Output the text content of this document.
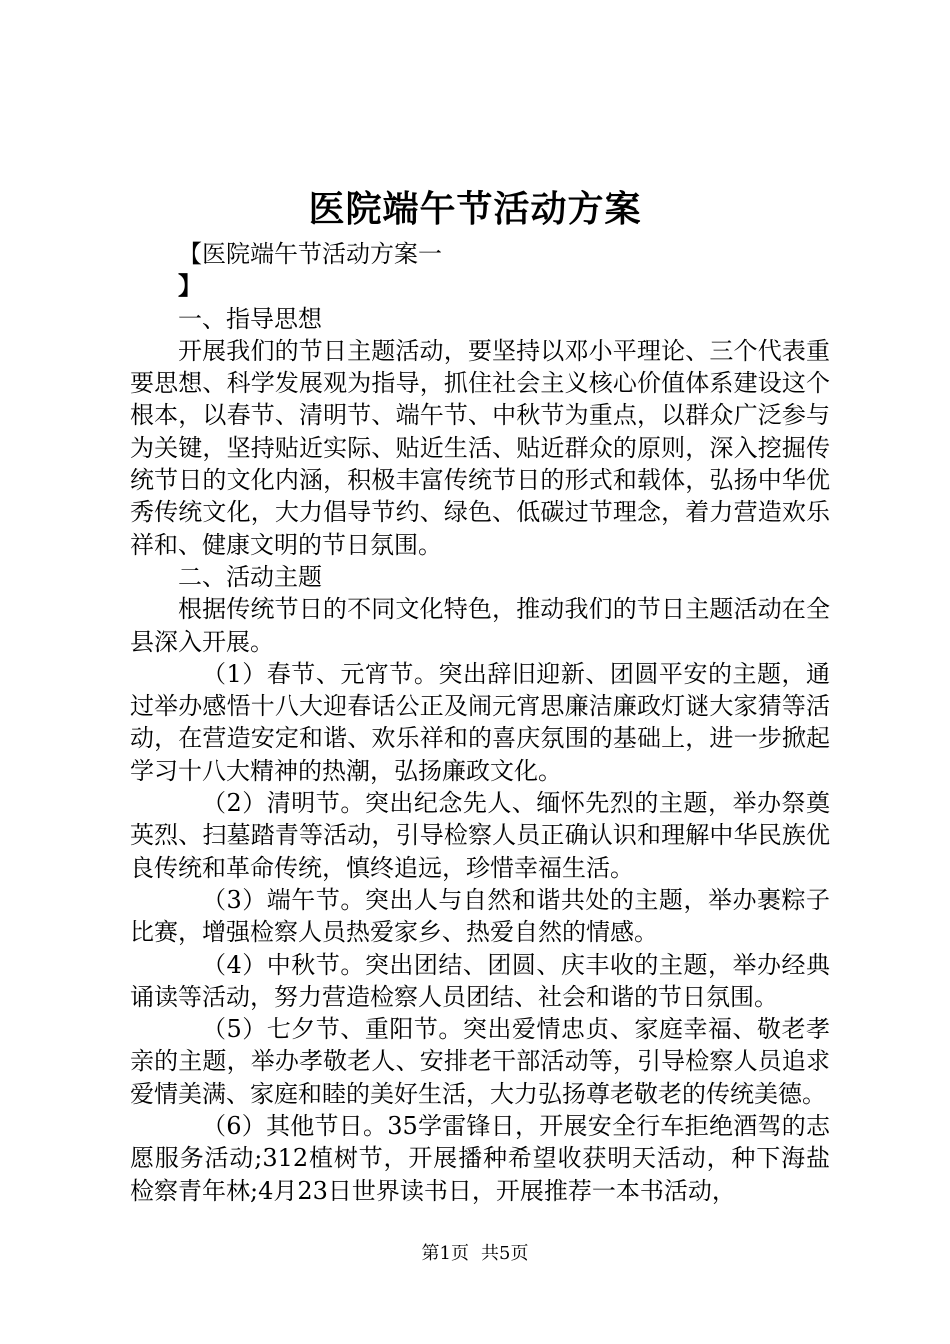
医院端午节活动方案

【医院端午节活动方案一

】

一、指导思想

开展我们的节日主题活动，要坚持以邓小平理论、三个代表重要思想、科学发展观为指导，抓住社会主义核心价值体系建设这个根本，以春节、清明节、端午节、中秋节为重点，以群众广泛参与为关键，坚持贴近实际、贴近生活、贴近群众的原则，深入挖掘传统节日的文化内涵，积极丰富传统节日的形式和载体，弘扬中华优秀传统文化，大力倡导节约、绿色、低碳过节理念，着力营造欢乐祥和、健康文明的节日氛围。

二、活动主题

根据传统节日的不同文化特色，推动我们的节日主题活动在全县深入开展。

（1）春节、元宵节。突出辞旧迎新、团圆平安的主题，通过举办感悟十八大迎春话公正及闹元宵思廉洁廉政灯谜大家猜等活动，在营造安定和谐、欢乐祥和的喜庆氛围的基础上，进一步掀起学习十八大精神的热潮，弘扬廉政文化。

（2）清明节。突出纪念先人、缅怀先烈的主题，举办祭奠英烈、扫墓踏青等活动，引导检察人员正确认识和理解中华民族优良传统和革命传统，慎终追远，珍惜幸福生活。

（3）端午节。突出人与自然和谐共处的主题，举办裹粽子比赛，增强检察人员热爱家乡、热爱自然的情感。

（4）中秋节。突出团结、团圆、庆丰收的主题，举办经典诵读等活动，努力营造检察人员团结、社会和谐的节日氛围。

（5）七夕节、重阳节。突出爱情忠贞、家庭幸福、敬老孝亲的主题，举办孝敬老人、安排老干部活动等，引导检察人员追求爱情美满、家庭和睦的美好生活，大力弘扬尊老敬老的传统美德。

（6）其他节日。35学雷锋日，开展安全行车拒绝酒驾的志愿服务活动;312植树节，开展播种希望收获明天活动，种下海盐检察青年林;4月23日世界读书日，开展推荐一本书活动，

第1页 共5页
